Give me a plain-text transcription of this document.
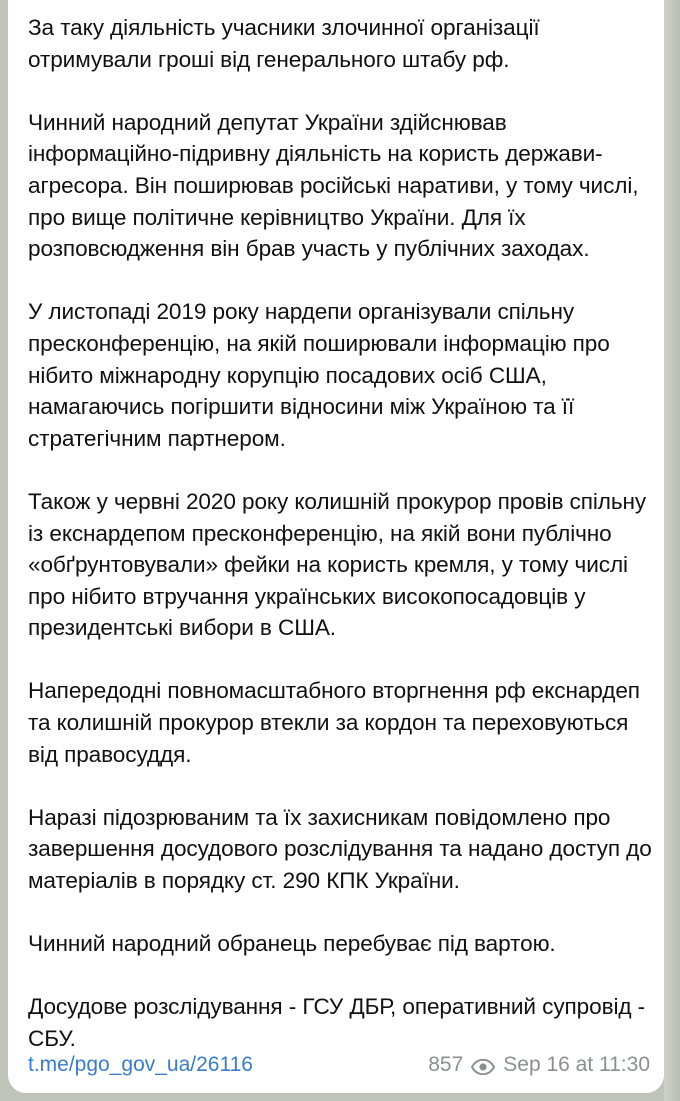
За таку діяльність учасники злочинної організації отримували гроші від генерального штабу рф.

Чинний народний депутат України здійснював інформаційно-підривну діяльність на користь держави-агресора. Він поширював російські наративи, у тому числі, про вище політичне керівництво України. Для їх розповсюдження він брав участь у публічних заходах.

У листопаді 2019 року нардепи організували спільну пресконференцію, на якій поширювали інформацію про нібито міжнародну корупцію посадових осіб США, намагаючись погіршити відносини між Україною та її стратегічним партнером.

Також у червні 2020 року колишній прокурор провів спільну із екснардепом пресконференцію, на якій вони публічно «обґрунтовували» фейки на користь кремля, у тому числі про нібито втручання українських високопосадовців у президентські вибори в США.

Напередодні повномасштабного вторгнення рф екснардеп та колишній прокурор втекли за кордон та переховуються від правосуддя.

Наразі підозрюваним та їх захисникам повідомлено про завершення досудового розслідування та надано доступ до матеріалів в порядку ст. 290 КПК України.

Чинний народний обранець перебуває під вартою.

Досудове розслідування - ГСУ ДБР, оперативний супровід - СБУ.

t.me/pgo_gov_ua/26116	857 Sep 16 at 11:30
